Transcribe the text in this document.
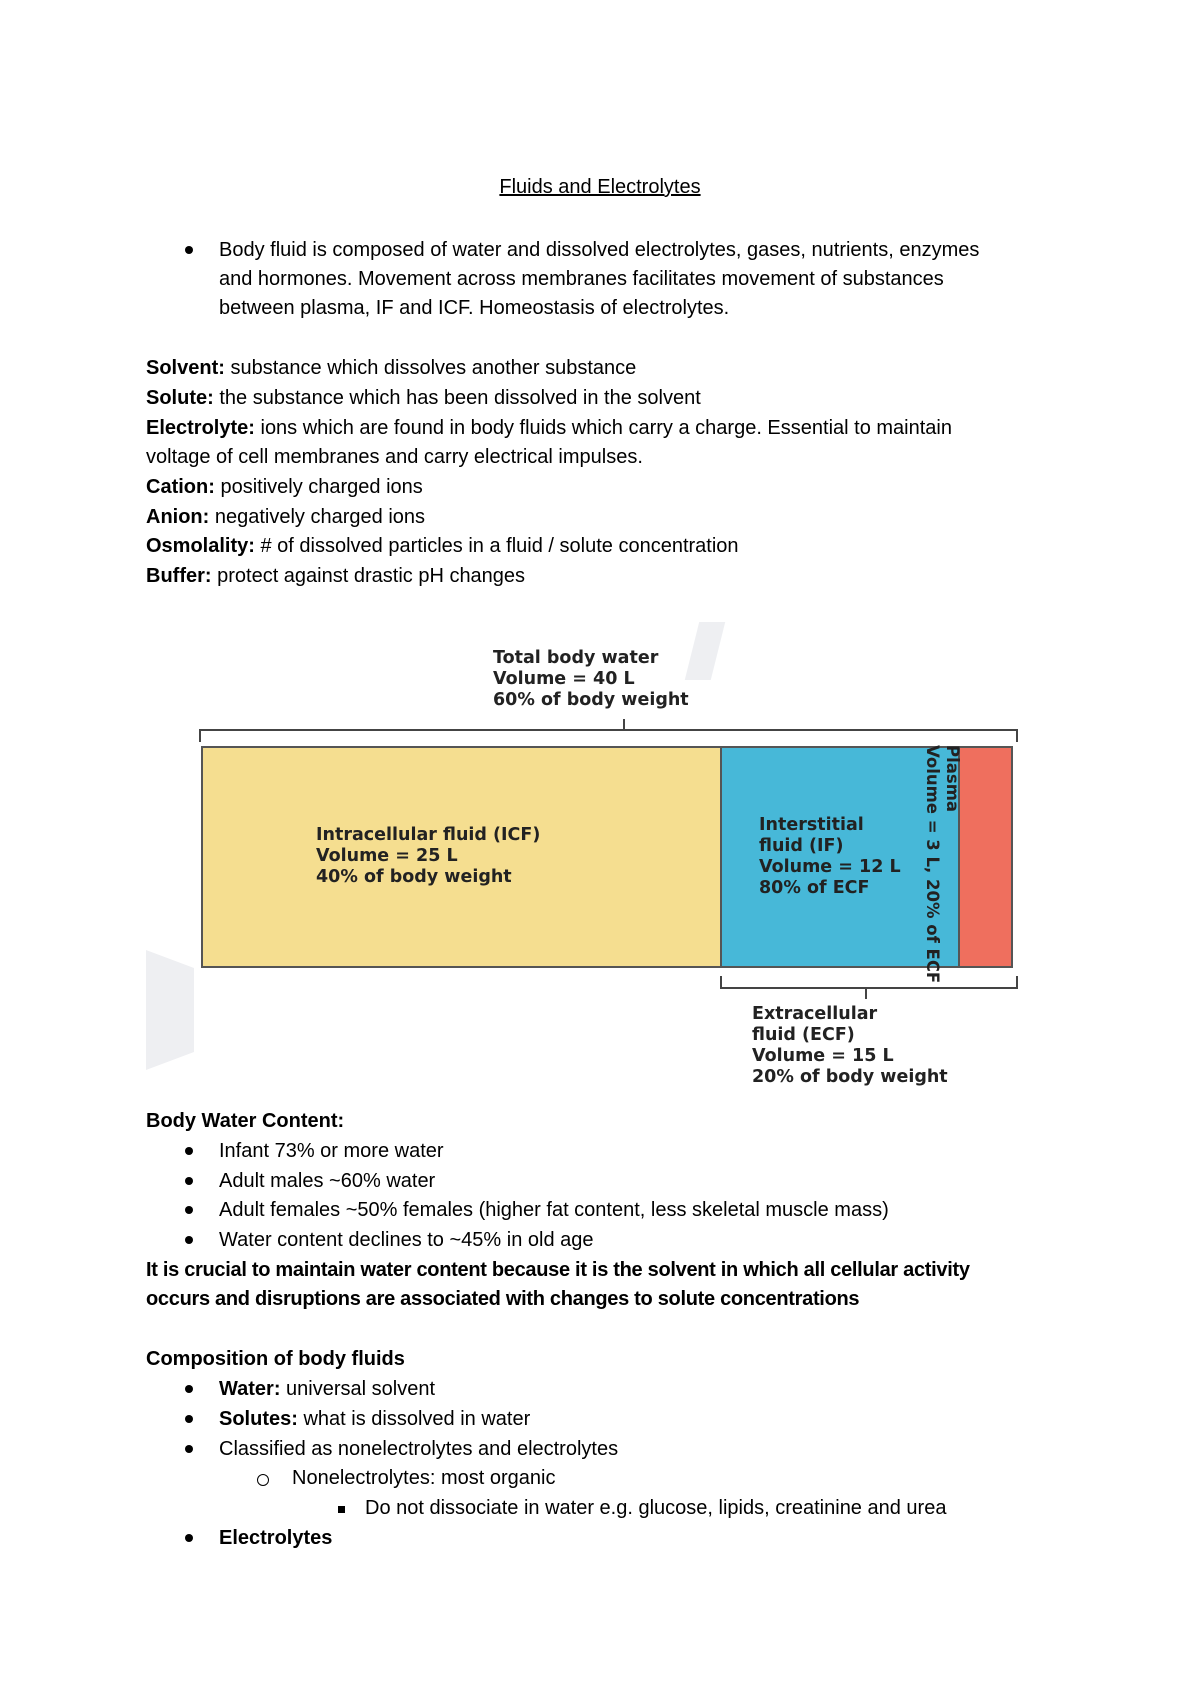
Fluids and Electrolytes
Body fluid is composed of water and dissolved electrolytes, gases, nutrients, enzymes
and hormones. Movement across membranes facilitates movement of substances
between plasma, IF and ICF. Homeostasis of electrolytes.
Solvent: substance which dissolves another substance
Solute: the substance which has been dissolved in the solvent
Electrolyte: ions which are found in body fluids which carry a charge. Essential to maintain
voltage of cell membranes and carry electrical impulses.
Cation: positively charged ions
Anion: negatively charged ions
Osmolality: # of dissolved particles in a fluid / solute concentration
Buffer: protect against drastic pH changes
Total body water
Volume = 40 L
60% of body weight
Intracellular fluid (ICF)
Volume = 25 L
40% of body weight
Interstitial
fluid (IF)
Volume = 12 L
80% of ECF
Plasma
Volume = 3 L, 20% of ECF
Extracellular
fluid (ECF)
Volume = 15 L
20% of body weight
Body Water Content:
Infant 73% or more water
Adult males ~60% water
Adult females ~50% females (higher fat content, less skeletal muscle mass)
Water content declines to ~45% in old age
It is crucial to maintain water content because it is the solvent in which all cellular activity
occurs and disruptions are associated with changes to solute concentrations
Composition of body fluids
Water: universal solvent
Solutes: what is dissolved in water
Classified as nonelectrolytes and electrolytes
Nonelectrolytes: most organic
Do not dissociate in water e.g. glucose, lipids, creatinine and urea
Electrolytes
